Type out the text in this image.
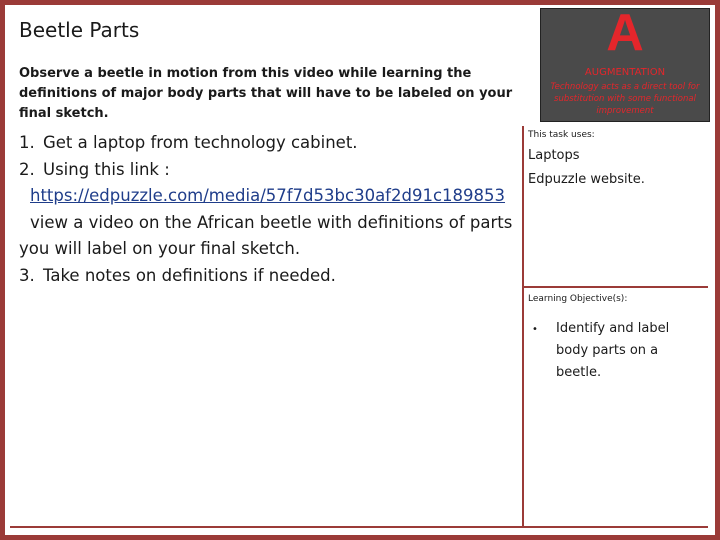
Beetle Parts
Observe a beetle in motion from this video while learning the definitions of major body parts that will have to be labeled on your final sketch.
A
AUGMENTATION
Technology acts as a direct tool for substitution with some functional improvement
1. Get a laptop from technology cabinet.
2. Using this link :
https://edpuzzle.com/media/57f7d53bc30af2d91c189853
view a video on the African beetle with definitions of parts
you will label on your final sketch.
3. Take notes on definitions if needed.
This task uses:
Laptops
Edpuzzle website.
Learning Objective(s):
• Identify and label body parts on a beetle.
